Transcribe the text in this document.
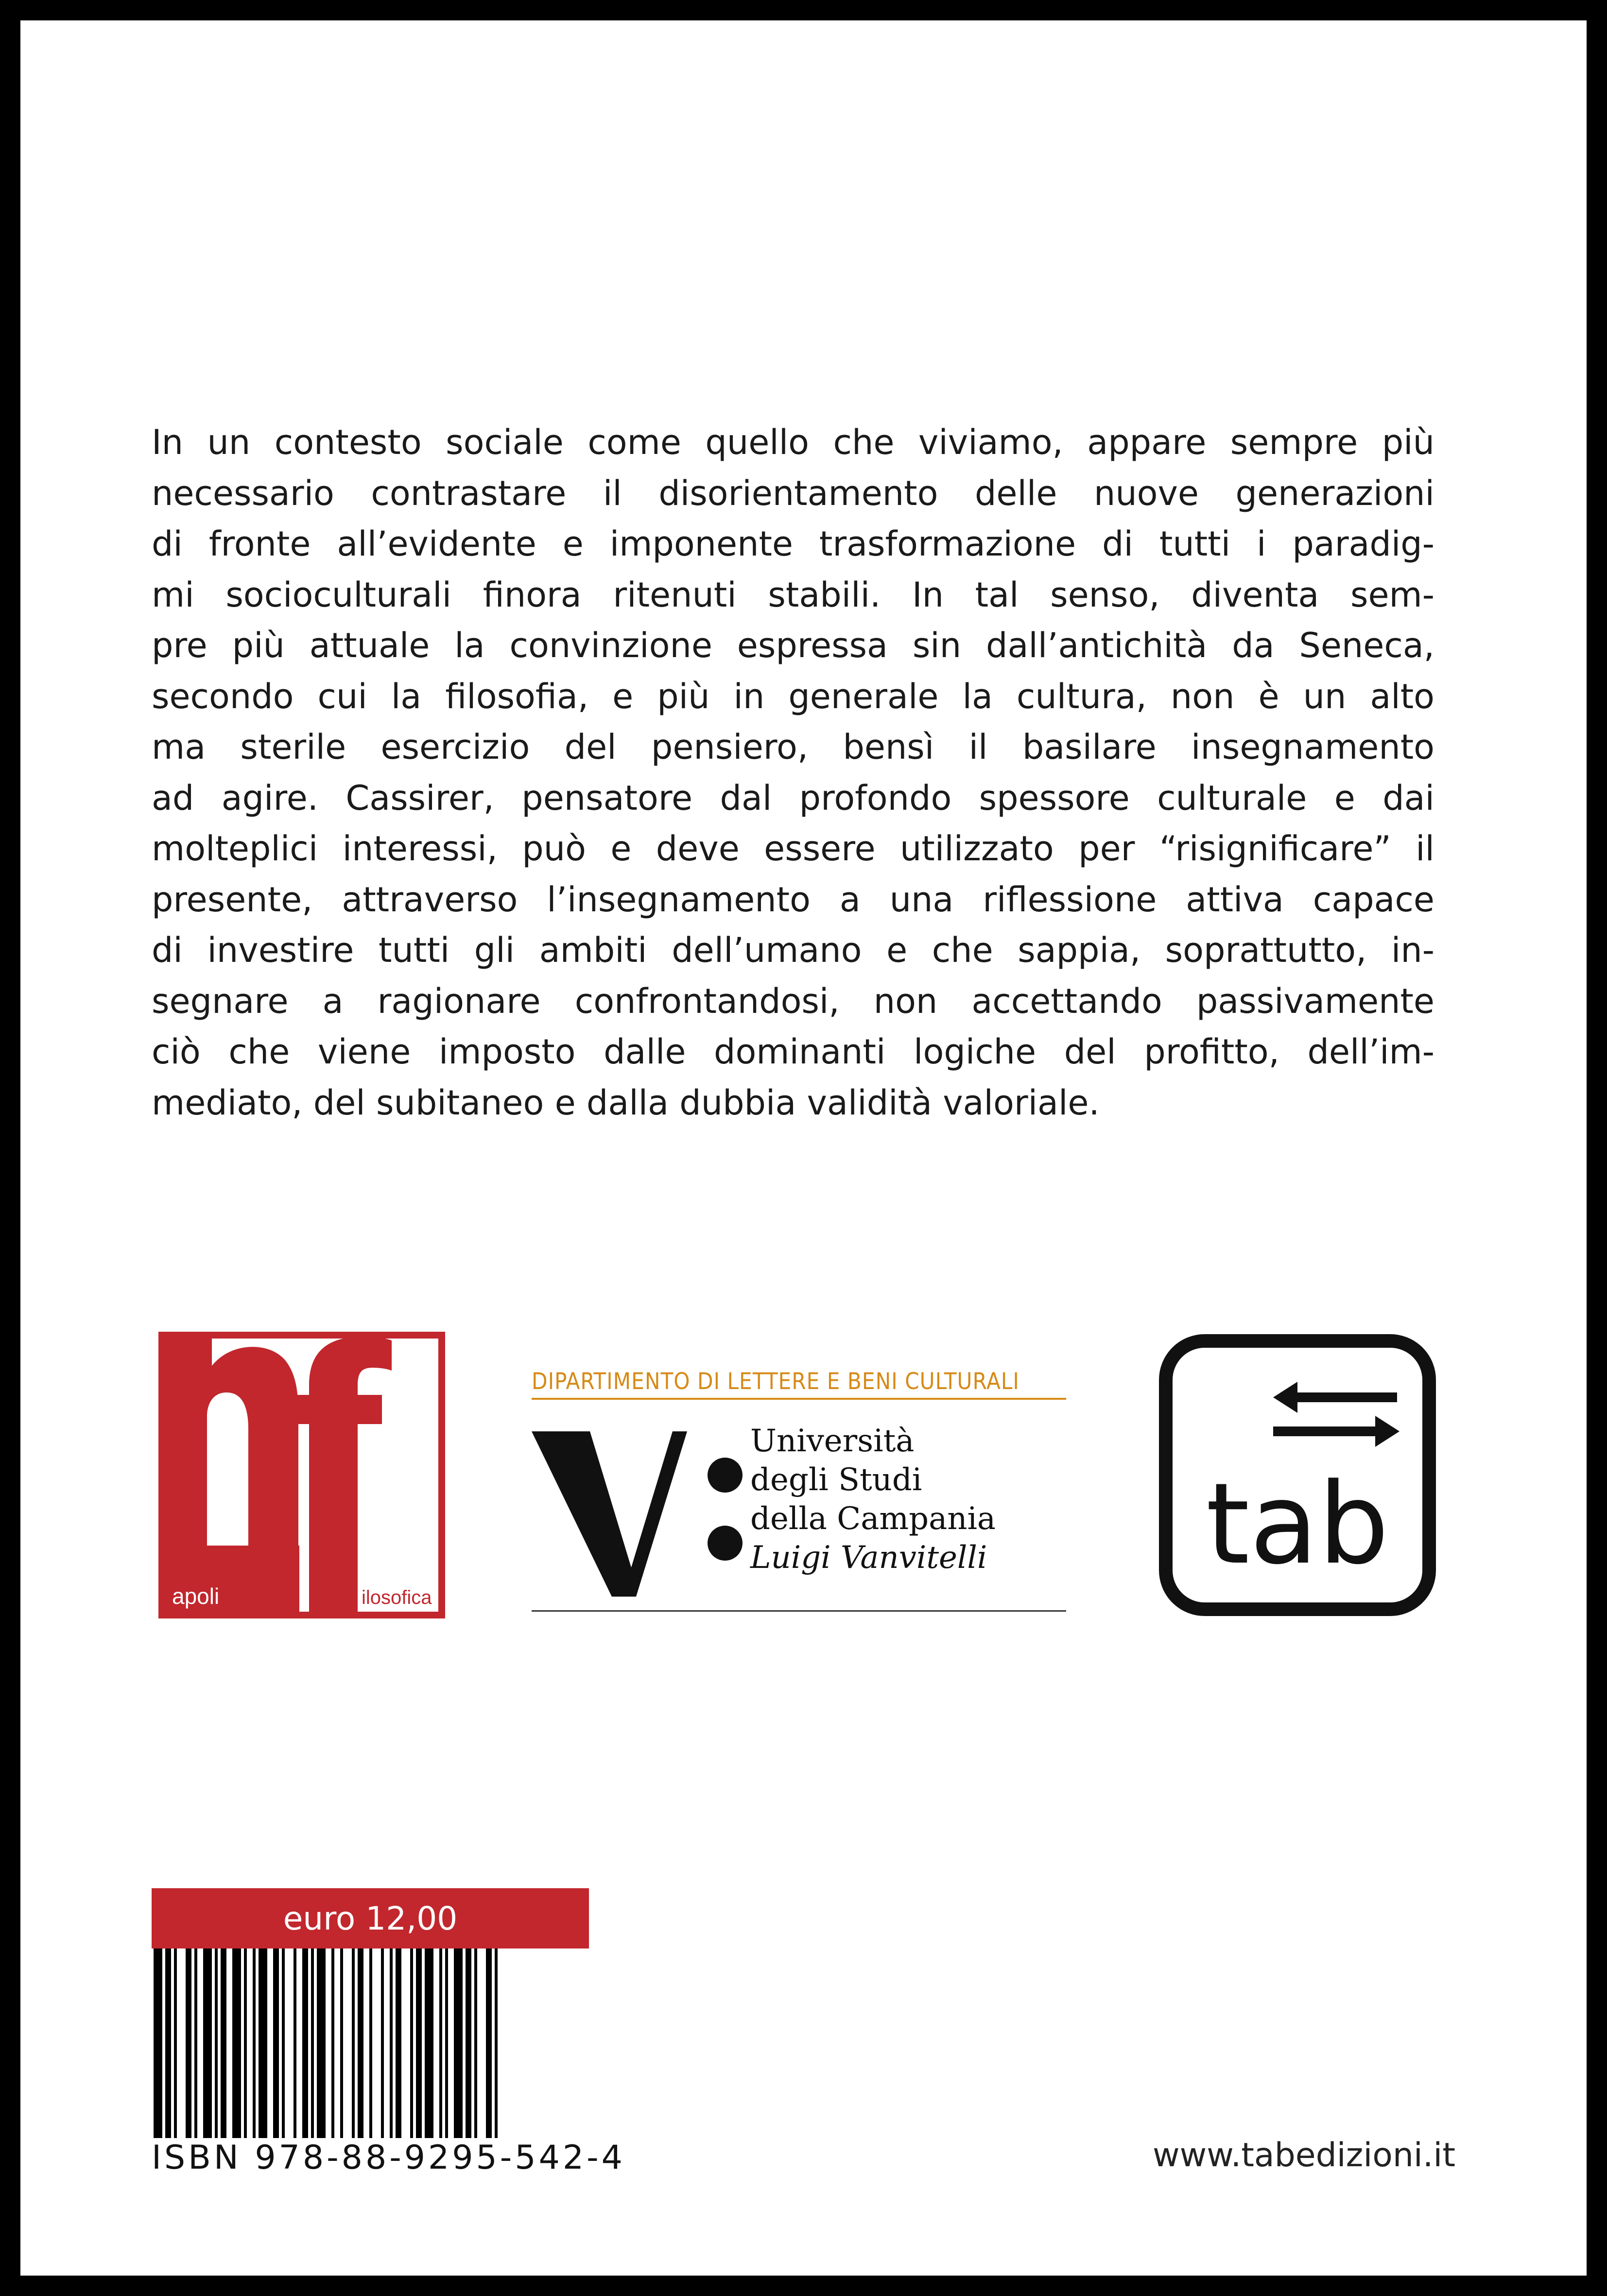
In un contesto sociale come quello che viviamo, appare sempre più
necessario contrastare il disorientamento delle nuove generazioni
di fronte all’evidente e imponente trasformazione di tutti i paradig-
mi socioculturali finora ritenuti stabili. In tal senso, diventa sem-
pre più attuale la convinzione espressa sin dall’antichità da Seneca,
secondo cui la filosofia, e più in generale la cultura, non è un alto
ma sterile esercizio del pensiero, bensì il basilare insegnamento
ad agire. Cassirer, pensatore dal profondo spessore culturale e dai
molteplici interessi, può e deve essere utilizzato per “risignificare” il
presente, attraverso l’insegnamento a una riflessione attiva capace
di investire tutti gli ambiti dell’umano e che sappia, soprattutto, in-
segnare a ragionare confrontandosi, non accettando passivamente
ciò che viene imposto dalle dominanti logiche del profitto, dell’im-
mediato, del subitaneo e dalla dubbia validità valoriale.
apoli	ilosofica
DIPARTIMENTO DI LETTERE E BENI CULTURALI
Università
degli Studi
della Campania
Luigi Vanvitelli	tab
euro 12,00
ISBN 978-88-9295-542-4	www.tabedizioni.it
